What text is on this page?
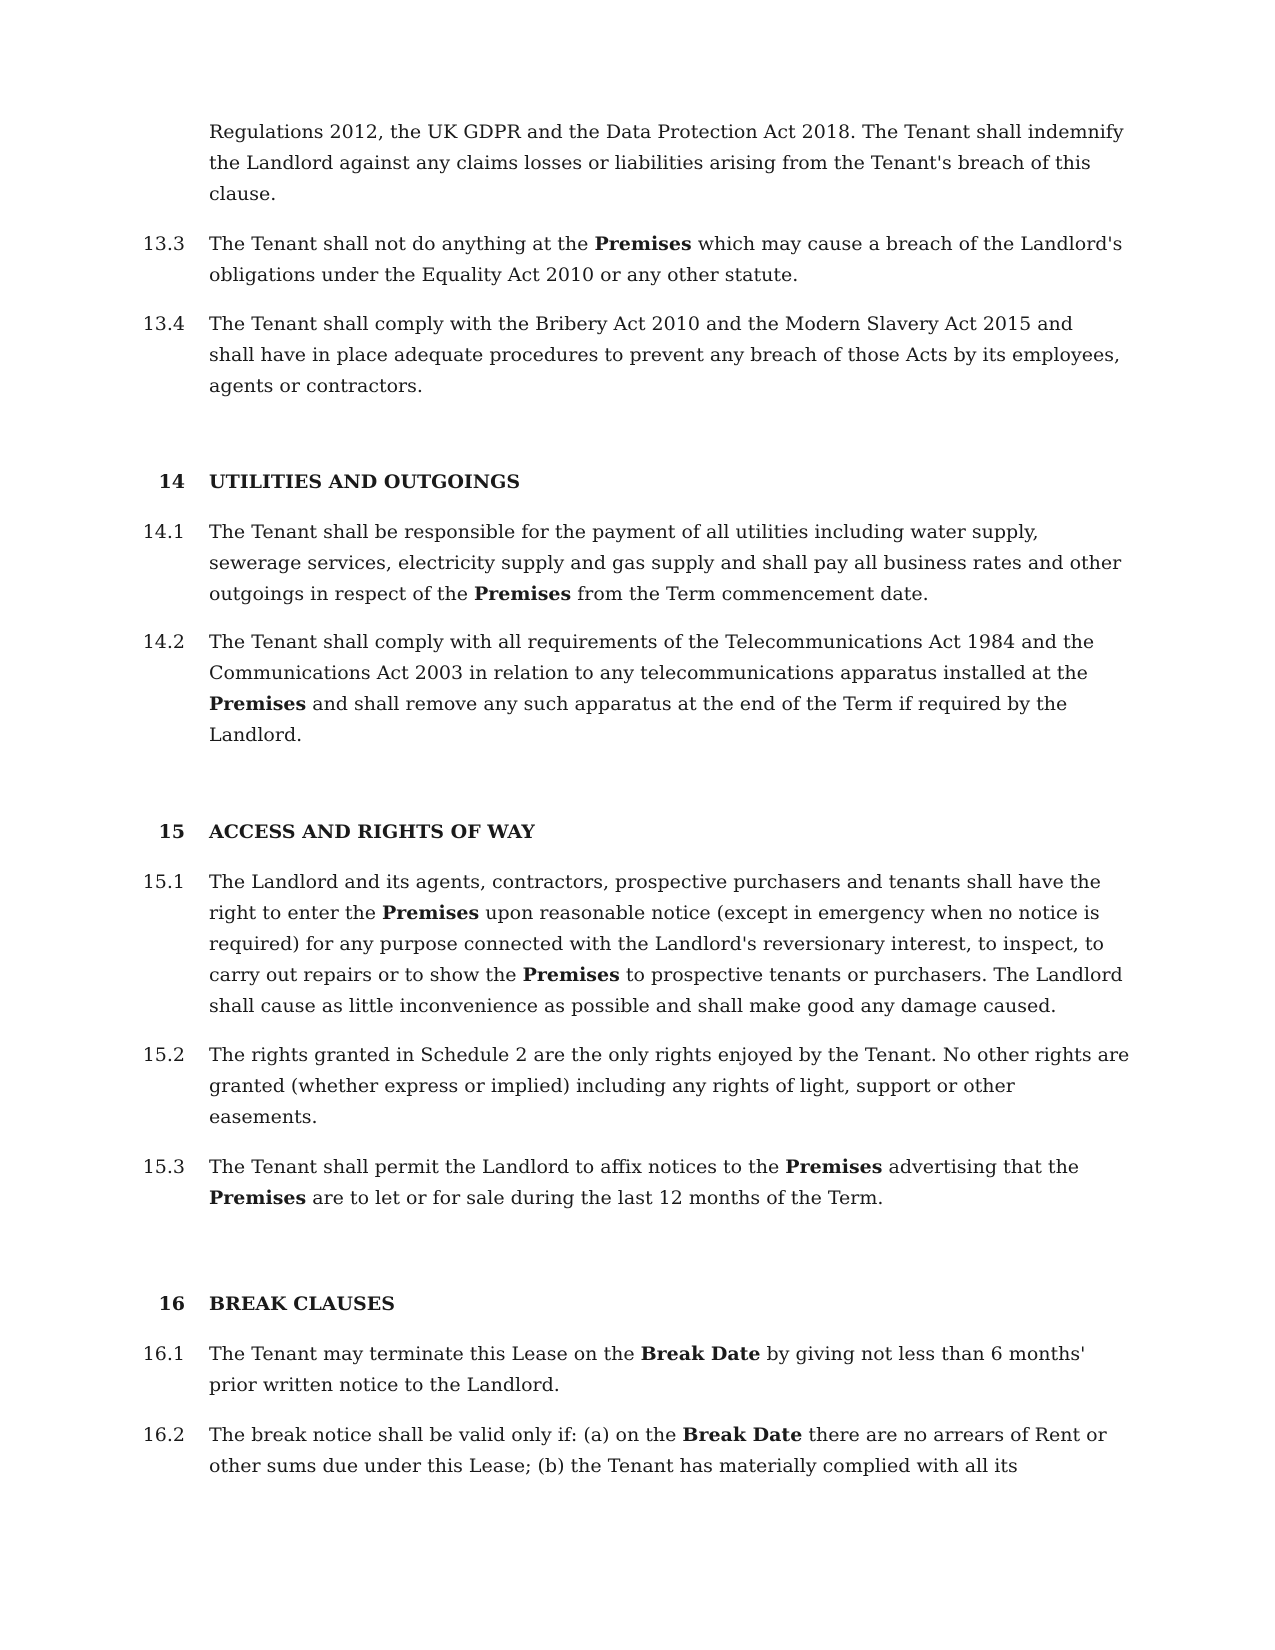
Regulations 2012, the UK GDPR and the Data Protection Act 2018. The Tenant shall indemnify
the Landlord against any claims losses or liabilities arising from the Tenant's breach of this
clause.
13.3 The Tenant shall not do anything at the Premises which may cause a breach of the Landlord's
obligations under the Equality Act 2010 or any other statute.
13.4 The Tenant shall comply with the Bribery Act 2010 and the Modern Slavery Act 2015 and
shall have in place adequate procedures to prevent any breach of those Acts by its employees,
agents or contractors.
14 UTILITIES AND OUTGOINGS
14.1 The Tenant shall be responsible for the payment of all utilities including water supply,
sewerage services, electricity supply and gas supply and shall pay all business rates and other
outgoings in respect of the Premises from the Term commencement date.
14.2 The Tenant shall comply with all requirements of the Telecommunications Act 1984 and the
Communications Act 2003 in relation to any telecommunications apparatus installed at the
Premises and shall remove any such apparatus at the end of the Term if required by the
Landlord.
15 ACCESS AND RIGHTS OF WAY
15.1 The Landlord and its agents, contractors, prospective purchasers and tenants shall have the
right to enter the Premises upon reasonable notice (except in emergency when no notice is
required) for any purpose connected with the Landlord's reversionary interest, to inspect, to
carry out repairs or to show the Premises to prospective tenants or purchasers. The Landlord
shall cause as little inconvenience as possible and shall make good any damage caused.
15.2 The rights granted in Schedule 2 are the only rights enjoyed by the Tenant. No other rights are
granted (whether express or implied) including any rights of light, support or other
easements.
15.3 The Tenant shall permit the Landlord to affix notices to the Premises advertising that the
Premises are to let or for sale during the last 12 months of the Term.
16 BREAK CLAUSES
16.1 The Tenant may terminate this Lease on the Break Date by giving not less than 6 months'
prior written notice to the Landlord.
16.2 The break notice shall be valid only if: (a) on the Break Date there are no arrears of Rent or
other sums due under this Lease; (b) the Tenant has materially complied with all its
